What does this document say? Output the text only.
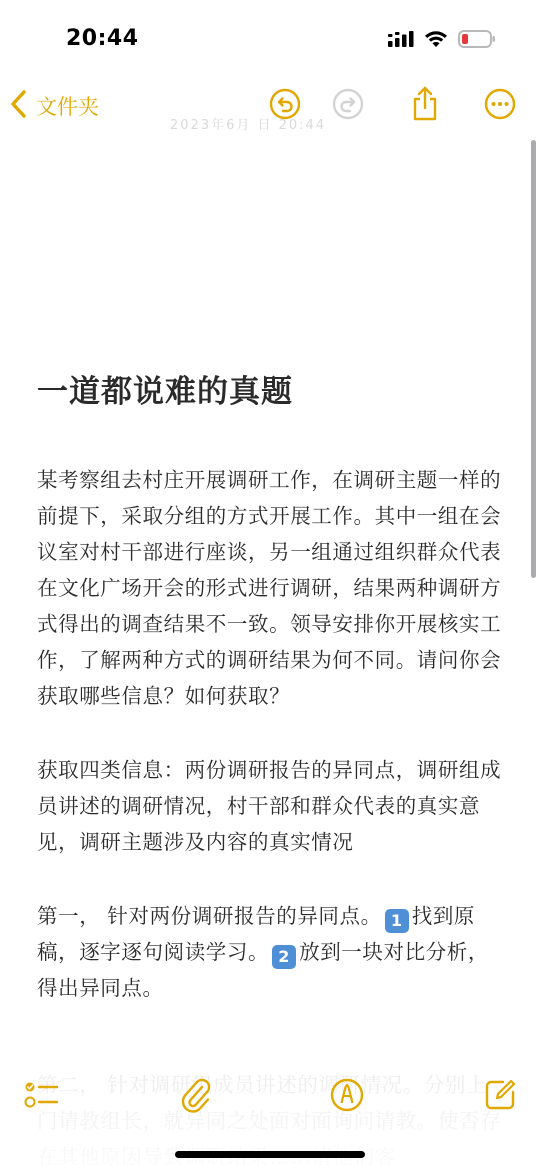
20:44
文件夹
2023年6月 日 20:44
一道都说难的真题
某考察组去村庄开展调研工作，在调研主题一样的前提下，采取分组的方式开展工作。其中一组在会议室对村干部进行座谈，另一组通过组织群众代表在文化广场开会的形式进行调研，结果两种调研方式得出的调查结果不一致。领导安排你开展核实工作，了解两种方式的调研结果为何不同。请问你会获取哪些信息？如何获取？
获取四类信息：两份调研报告的异同点，调研组成员讲述的调研情况，村干部和群众代表的真实意见，调研主题涉及内容的真实情况
第一， 针对两份调研报告的异同点。 1 找到原稿，逐字逐句阅读学习。 2 放到一块对比分析，得出异同点。
